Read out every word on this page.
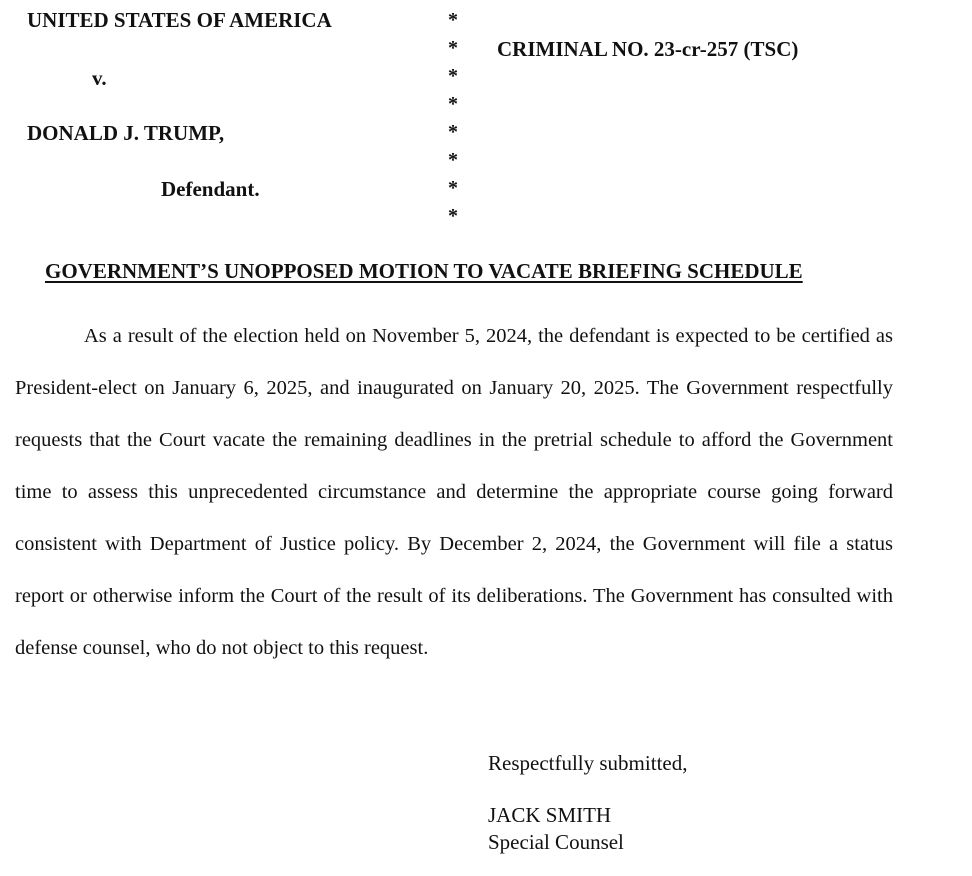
UNITED STATES OF AMERICA
v.
DONALD J. TRUMP,
Defendant.
*
*
*
*
*
*
*
*
CRIMINAL NO. 23-cr-257 (TSC)
GOVERNMENT’S UNOPPOSED MOTION TO VACATE BRIEFING SCHEDULE

As a result of the election held on November 5, 2024, the defendant is expected to be certified as President-elect on January 6, 2025, and inaugurated on January 20, 2025. The Government respectfully requests that the Court vacate the remaining deadlines in the pretrial schedule to afford the Government time to assess this unprecedented circumstance and determine the appropriate course going forward consistent with Department of Justice policy. By December 2, 2024, the Government will file a status report or otherwise inform the Court of the result of its deliberations. The Government has consulted with defense counsel, who do not object to this request.

Respectfully submitted,
JACK SMITH
Special Counsel
